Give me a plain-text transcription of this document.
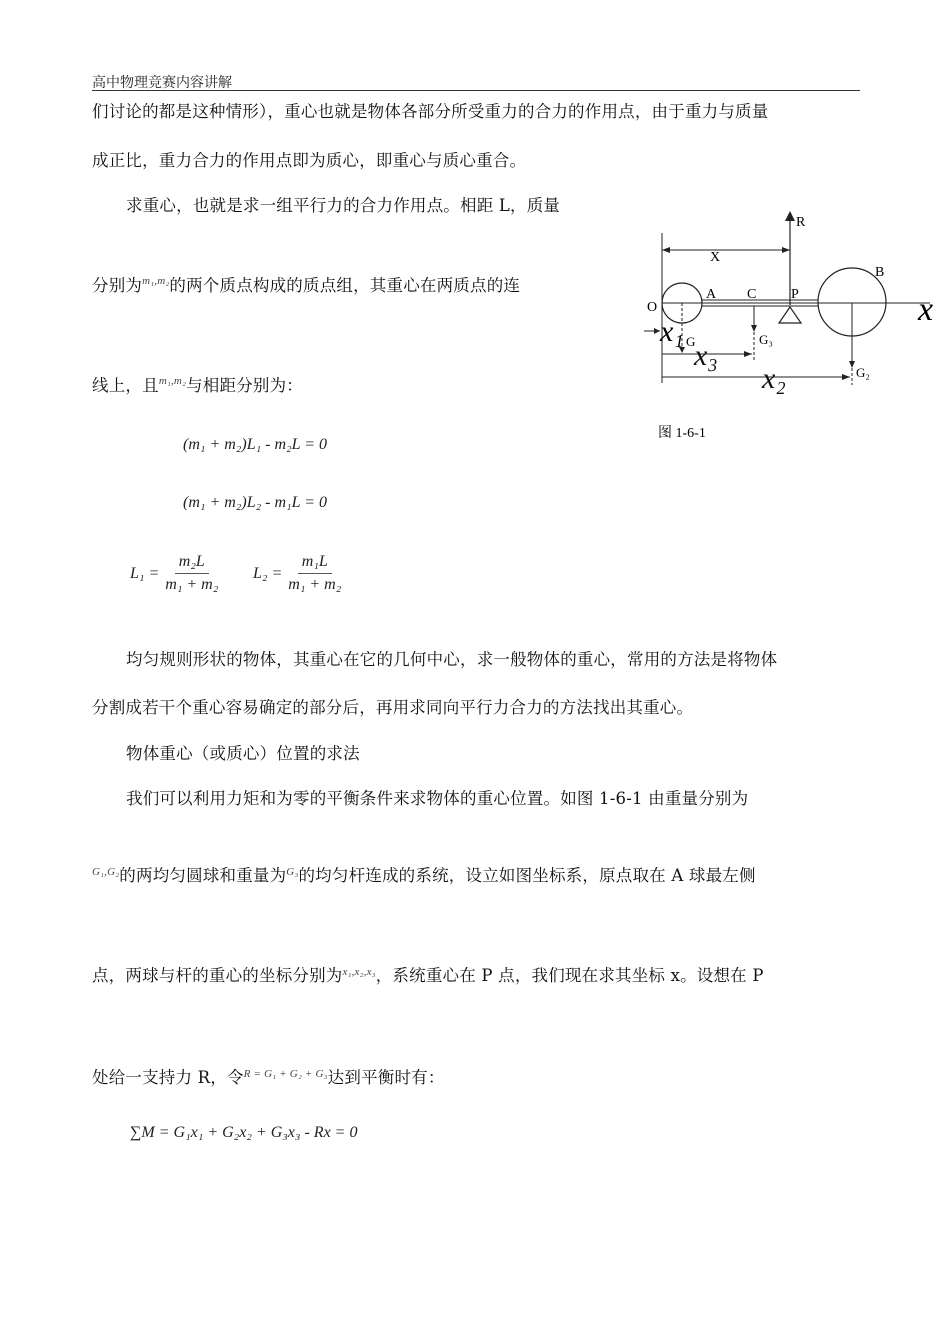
高中物理竞赛内容讲解
们讨论的都是这种情形），重心也就是物体各部分所受重力的合力的作用点，由于重力与质量
成正比，重力合力的作用点即为质心，即重心与质心重合。
求重心，也就是求一组平行力的合力作用点。相距 L，质量
分别为$^{m_1,m_2}$的两个质点构成的质点组，其重心在两质点的连
线上，且$^{m_1,m_2}$与相距分别为：
(m₁ + m₂)L₁ - m₂L = 0
(m₁ + m₂)L₂ - m₁L = 0
$L_1 = \frac{\text{m₂L}}{\text{m₁ + m₂}} L_2 = \frac{\text{m₁L}}{\text{m₁ + m₂}}$
均匀规则形状的物体，其重心在它的几何中心，求一般物体的重心，常用的方法是将物体
分割成若干个重心容易确定的部分后，再用求同向平行力合力的方法找出其重心。
物体重心（或质心）位置的求法
我们可以利用力矩和为零的平衡条件来求物体的重心位置。如图 1-6-1 由重量分别为
$^{G_1,G_2}$的两均匀圆球和重量为$^{G_3}$的均匀杆连成的系统，设立如图坐标系，原点取在 A 球最左侧
点，两球与杆的重心的坐标分别为$^{x_1,x_2,x_3}$，系统重心在 P 点，我们现在求其坐标 x。设想在 P
处给一支持力 R，令$^{R = G_1 + G_2 + G_3}$达到平衡时有：
∑M = G₁x₁ + G₂x₂ + G₃x₃ - Rx = 0
R
X
x
O
A C P
B
G	G₃
G₂
x₁
x₃
x₂
图 1-6-1
